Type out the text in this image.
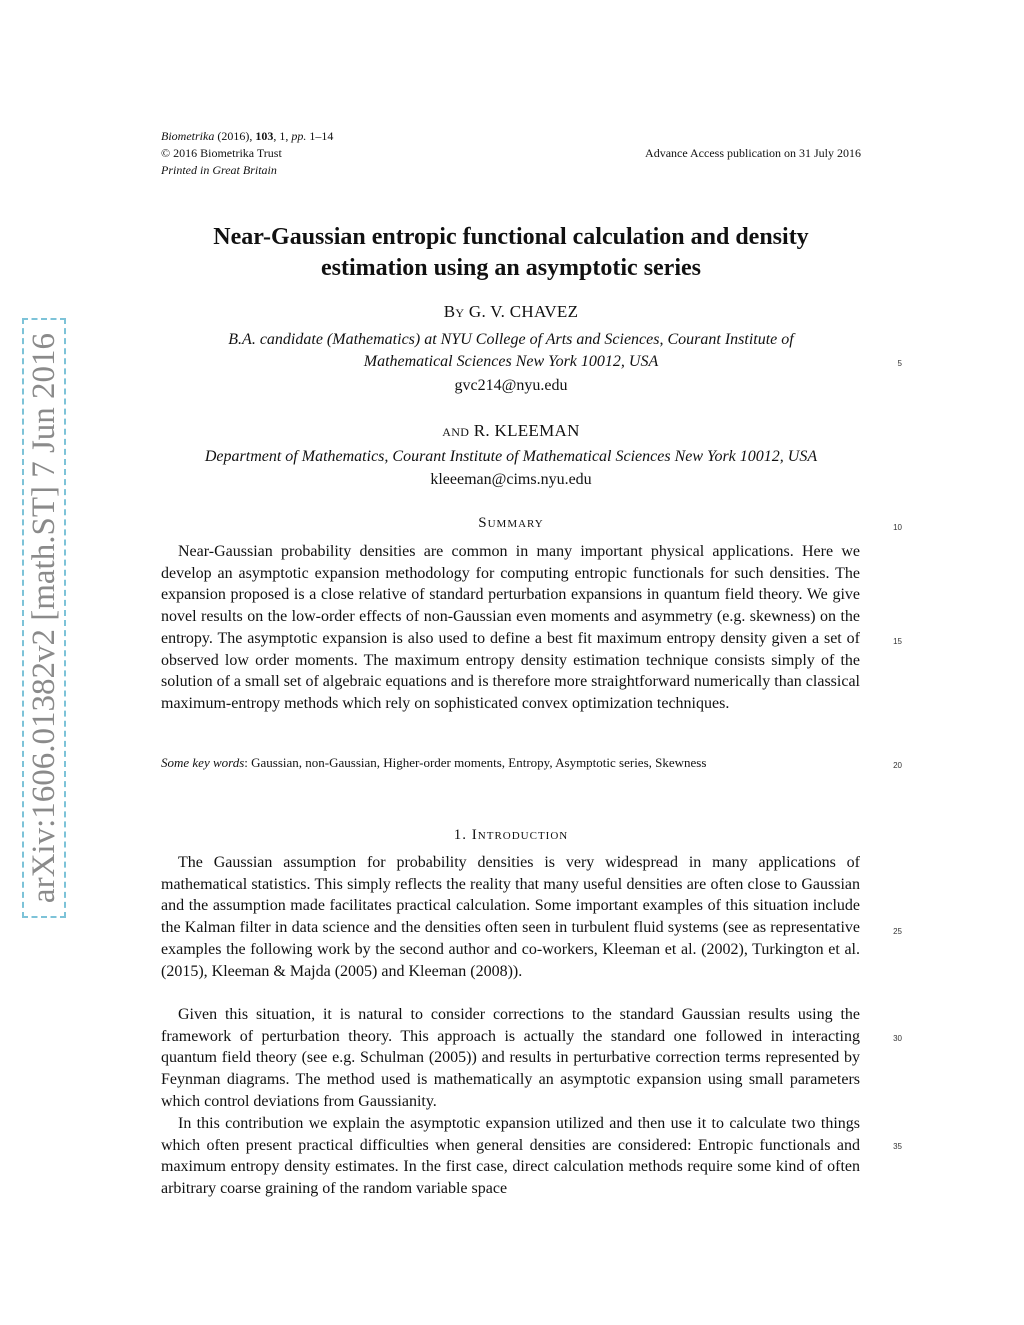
arXiv:1606.01382v2 [math.ST] 7 Jun 2016
Biometrika (2016), 103, 1, pp. 1–14
© 2016 Biometrika Trust
Printed in Great Britain
Advance Access publication on 31 July 2016
Near-Gaussian entropic functional calculation and density
estimation using an asymptotic series
By G. V. CHAVEZ
B.A. candidate (Mathematics) at NYU College of Arts and Sciences, Courant Institute of
Mathematical Sciences New York 10012, USA
gvc214@nyu.edu
and R. KLEEMAN
Department of Mathematics, Courant Institute of Mathematical Sciences New York 10012, USA
kleeeman@cims.nyu.edu
Summary
Near-Gaussian probability densities are common in many important physical applications. Here we develop an asymptotic expansion methodology for computing entropic functionals for such densities. The expansion proposed is a close relative of standard perturbation expansions in quantum field theory. We give novel results on the low-order effects of non-Gaussian even moments and asymmetry (e.g. skewness) on the entropy. The asymptotic expansion is also used to define a best fit maximum entropy density given a set of observed low order moments. The maximum entropy density estimation technique consists simply of the solution of a small set of algebraic equations and is therefore more straightforward numerically than classical maximum-entropy methods which rely on sophisticated convex optimization techniques.
Some key words: Gaussian, non-Gaussian, Higher-order moments, Entropy, Asymptotic series, Skewness
1. Introduction
The Gaussian assumption for probability densities is very widespread in many applications of mathematical statistics. This simply reflects the reality that many useful densities are often close to Gaussian and the assumption made facilitates practical calculation. Some important examples of this situation include the Kalman filter in data science and the densities often seen in turbulent fluid systems (see as representative examples the following work by the second author and co-workers, Kleeman et al. (2002), Turkington et al. (2015), Kleeman & Majda (2005) and Kleeman (2008)).
Given this situation, it is natural to consider corrections to the standard Gaussian results using the framework of perturbation theory. This approach is actually the standard one followed in interacting quantum field theory (see e.g. Schulman (2005)) and results in perturbative correction terms represented by Feynman diagrams. The method used is mathematically an asymptotic expansion using small parameters which control deviations from Gaussianity.
In this contribution we explain the asymptotic expansion utilized and then use it to calculate two things which often present practical difficulties when general densities are considered: Entropic functionals and maximum entropy density estimates. In the first case, direct calculation methods require some kind of often arbitrary coarse graining of the random variable space
5
10
15
20
25
30
35
